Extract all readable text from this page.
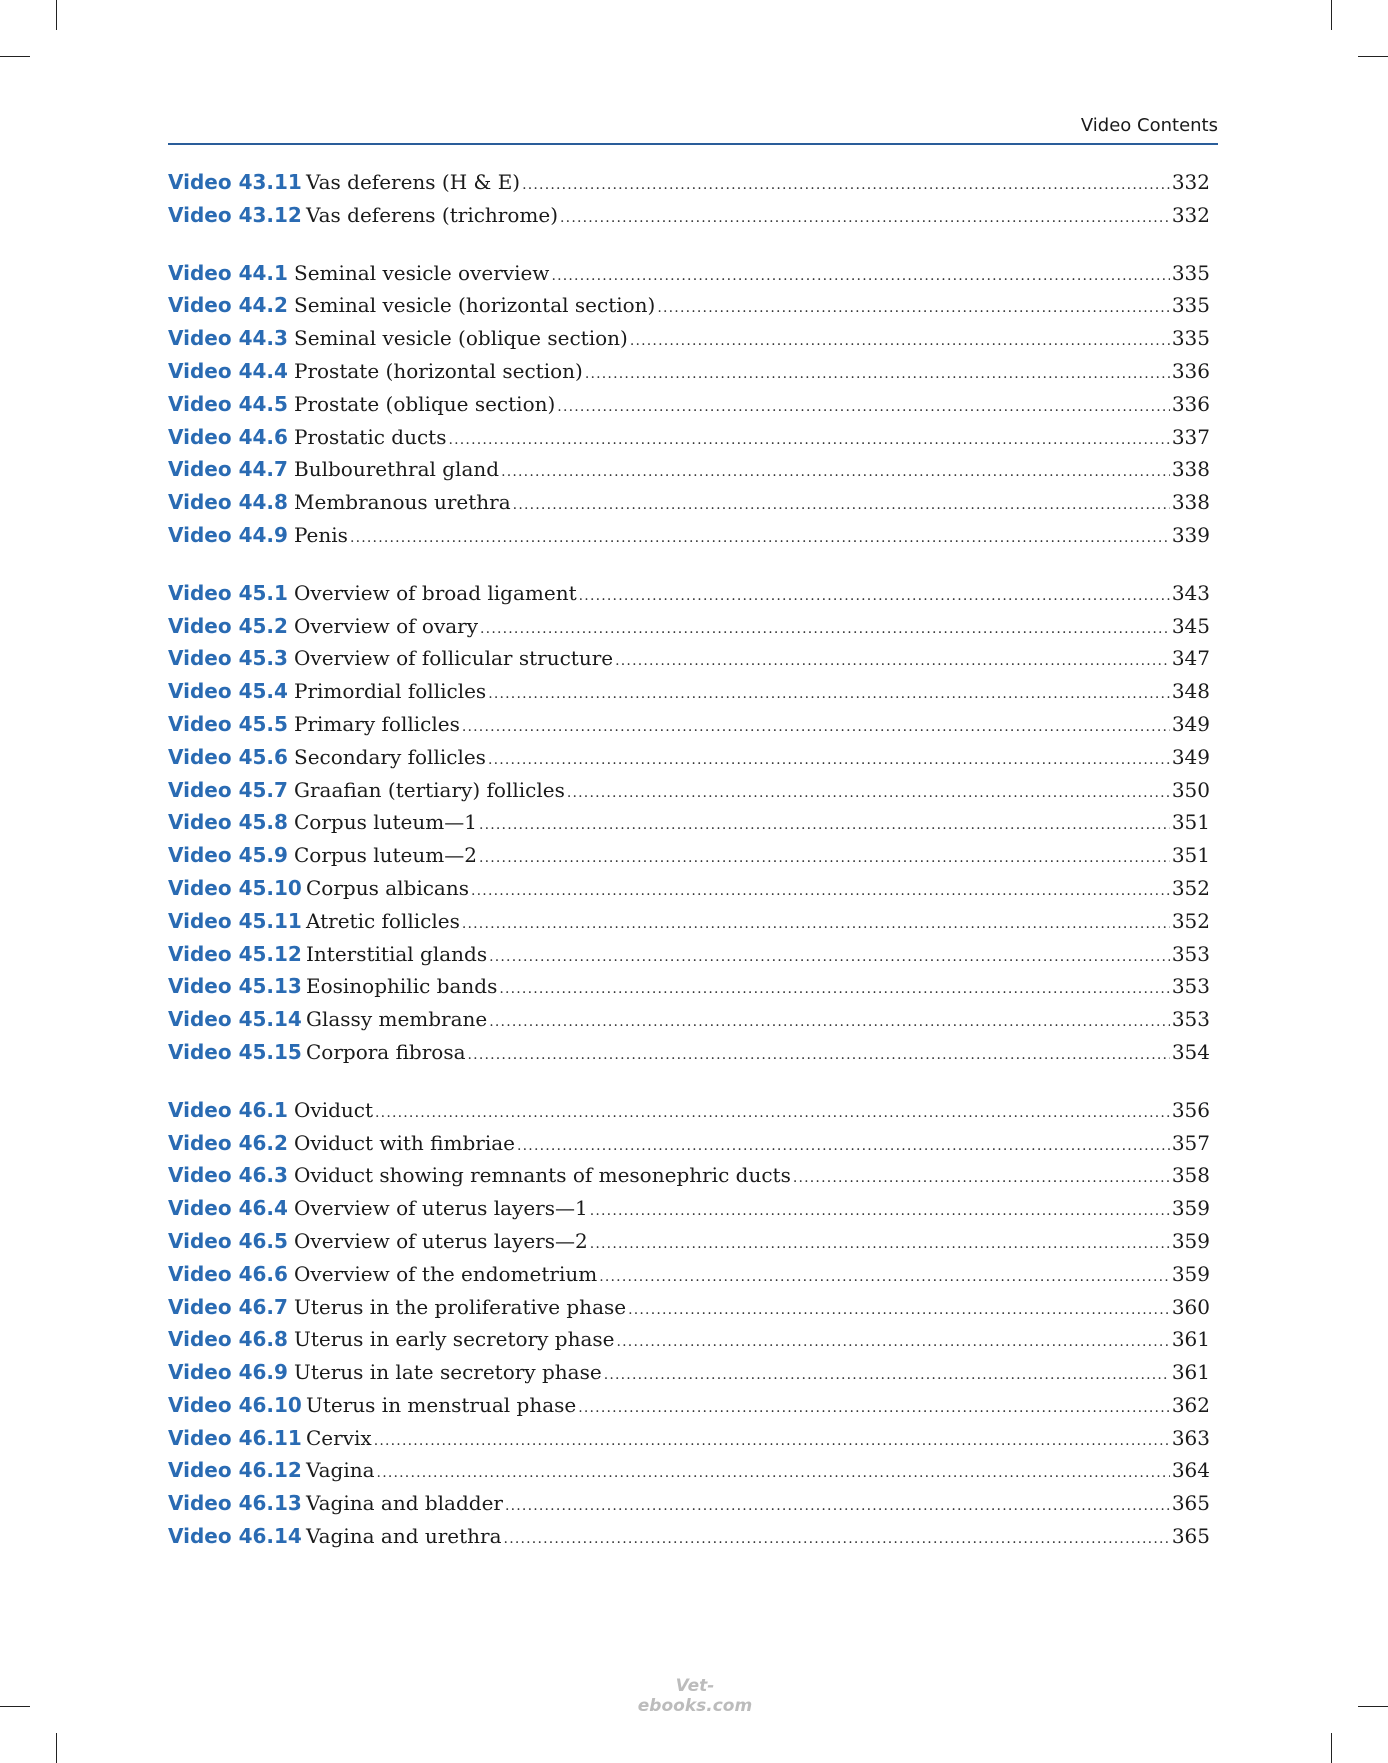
Video Contents
Video 43.11 Vas deferens (H & E) .....	332
Video 43.12 Vas deferens (trichrome) .....	332
Video 44.1 Seminal vesicle overview .....	335
Video 44.2 Seminal vesicle (horizontal section) .....	335
Video 44.3 Seminal vesicle (oblique section) .....	335
Video 44.4 Prostate (horizontal section) .....	336
Video 44.5 Prostate (oblique section) .....	336
Video 44.6 Prostatic ducts .....	337
Video 44.7 Bulbourethral gland .....	338
Video 44.8 Membranous urethra .....	338
Video 44.9 Penis .....	339
Video 45.1 Overview of broad ligament .....	343
Video 45.2 Overview of ovary .....	345
Video 45.3 Overview of follicular structure .....	347
Video 45.4 Primordial follicles .....	348
Video 45.5 Primary follicles .....	349
Video 45.6 Secondary follicles .....	349
Video 45.7 Graafian (tertiary) follicles .....	350
Video 45.8 Corpus luteum—1 .....	351
Video 45.9 Corpus luteum—2 .....	351
Video 45.10 Corpus albicans .....	352
Video 45.11 Atretic follicles .....	352
Video 45.12 Interstitial glands .....	353
Video 45.13 Eosinophilic bands .....	353
Video 45.14 Glassy membrane .....	353
Video 45.15 Corpora fibrosa .....	354
Video 46.1 Oviduct .....	356
Video 46.2 Oviduct with fimbriae .....	357
Video 46.3 Oviduct showing remnants of mesonephric ducts .....	358
Video 46.4 Overview of uterus layers—1 .....	359
Video 46.5 Overview of uterus layers—2 .....	359
Video 46.6 Overview of the endometrium .....	359
Video 46.7 Uterus in the proliferative phase .....	360
Video 46.8 Uterus in early secretory phase .....	361
Video 46.9 Uterus in late secretory phase .....	361
Video 46.10 Uterus in menstrual phase .....	362
Video 46.11 Cervix .....	363
Video 46.12 Vagina .....	364
Video 46.13 Vagina and bladder .....	365
Video 46.14 Vagina and urethra .....	365
Vet-ebooks.com
